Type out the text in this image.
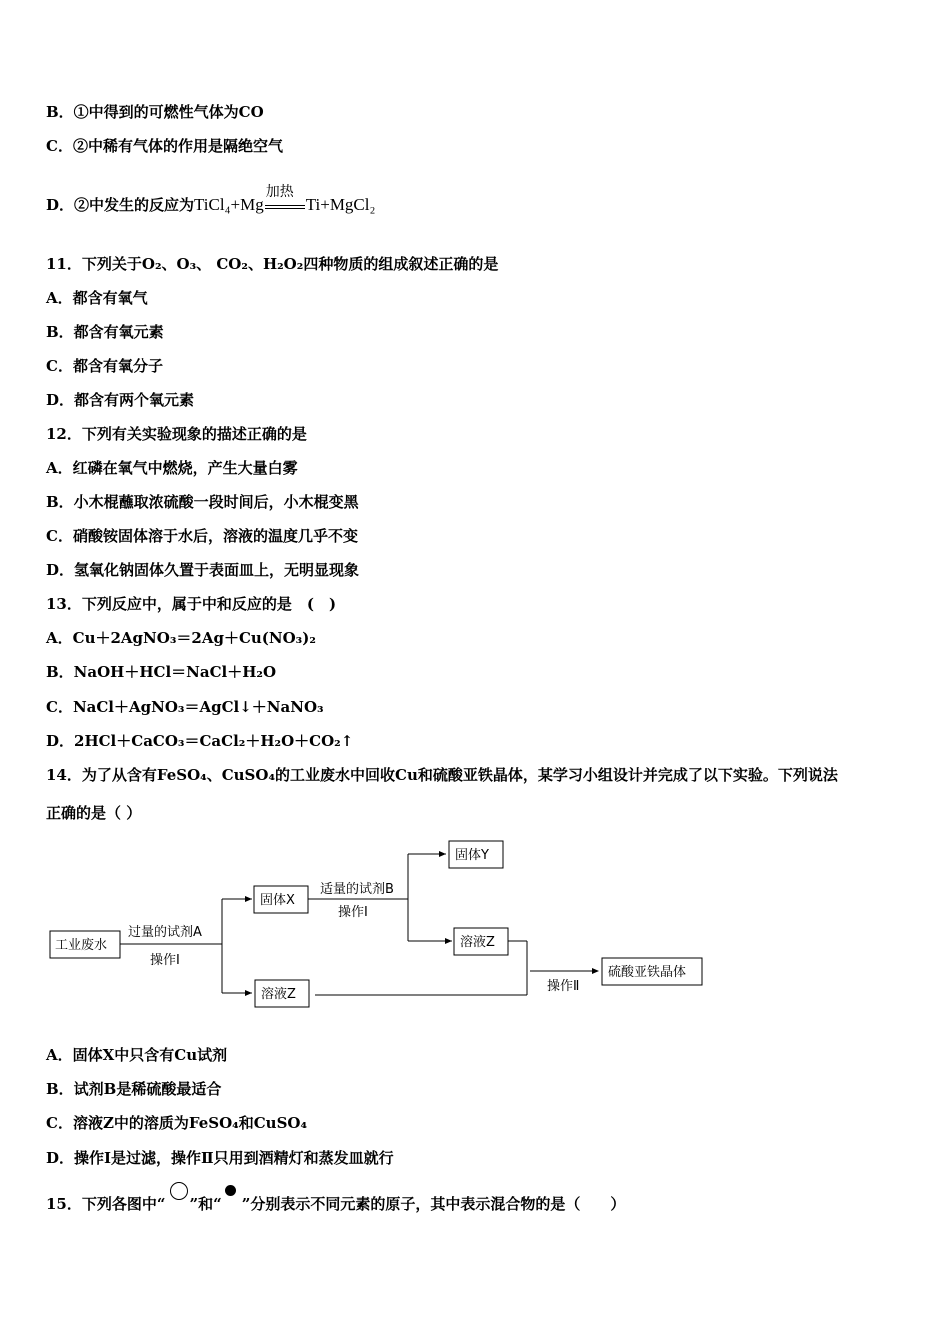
B．①中得到的可燃性气体为CO
C．②中稀有气体的作用是隔绝空气
D．②中发生的反应为TiCl₄+Mg
加热
Ti+MgCl₂
11．下列关于O₂、O₃、 CO₂、H₂O₂四种物质的组成叙述正确的是
A．都含有氧气
B．都含有氧元素
C．都含有氧分子
D．都含有两个氧元素
12．下列有关实验现象的描述正确的是
A．红磷在氧气中燃烧，产生大量白雾
B．小木棍蘸取浓硫酸一段时间后，小木棍变黑
C．硝酸铵固体溶于水后，溶液的温度几乎不变
D．氢氧化钠固体久置于表面皿上，无明显现象
13．下列反应中，属于中和反应的是　(　)
A．Cu＋2AgNO₃＝2Ag＋Cu(NO₃)₂
B．NaOH＋HCl＝NaCl＋H₂O
C．NaCl＋AgNO₃＝AgCl↓＋NaNO₃
D．2HCl＋CaCO₃＝CaCl₂＋H₂O＋CO₂↑
14．为了从含有FeSO₄、CuSO₄的工业废水中回收Cu和硫酸亚铁晶体，某学习小组设计并完成了以下实验。下列说法
正确的是（ ）
工业废水
过量的试剂A
操作Ⅰ
固体X
适量的试剂B
操作Ⅰ
固体Y
溶液Z
溶液Z
操作Ⅱ
硫酸亚铁晶体
A．固体X中只含有Cu试剂
B．试剂B是稀硫酸最适合
C．溶液Z中的溶质为FeSO₄和CuSO₄
D．操作Ⅰ是过滤，操作Ⅱ只用到酒精灯和蒸发皿就行
15．下列各图中“ ”和“ ”分别表示不同元素的原子，其中表示混合物的是（　　）
